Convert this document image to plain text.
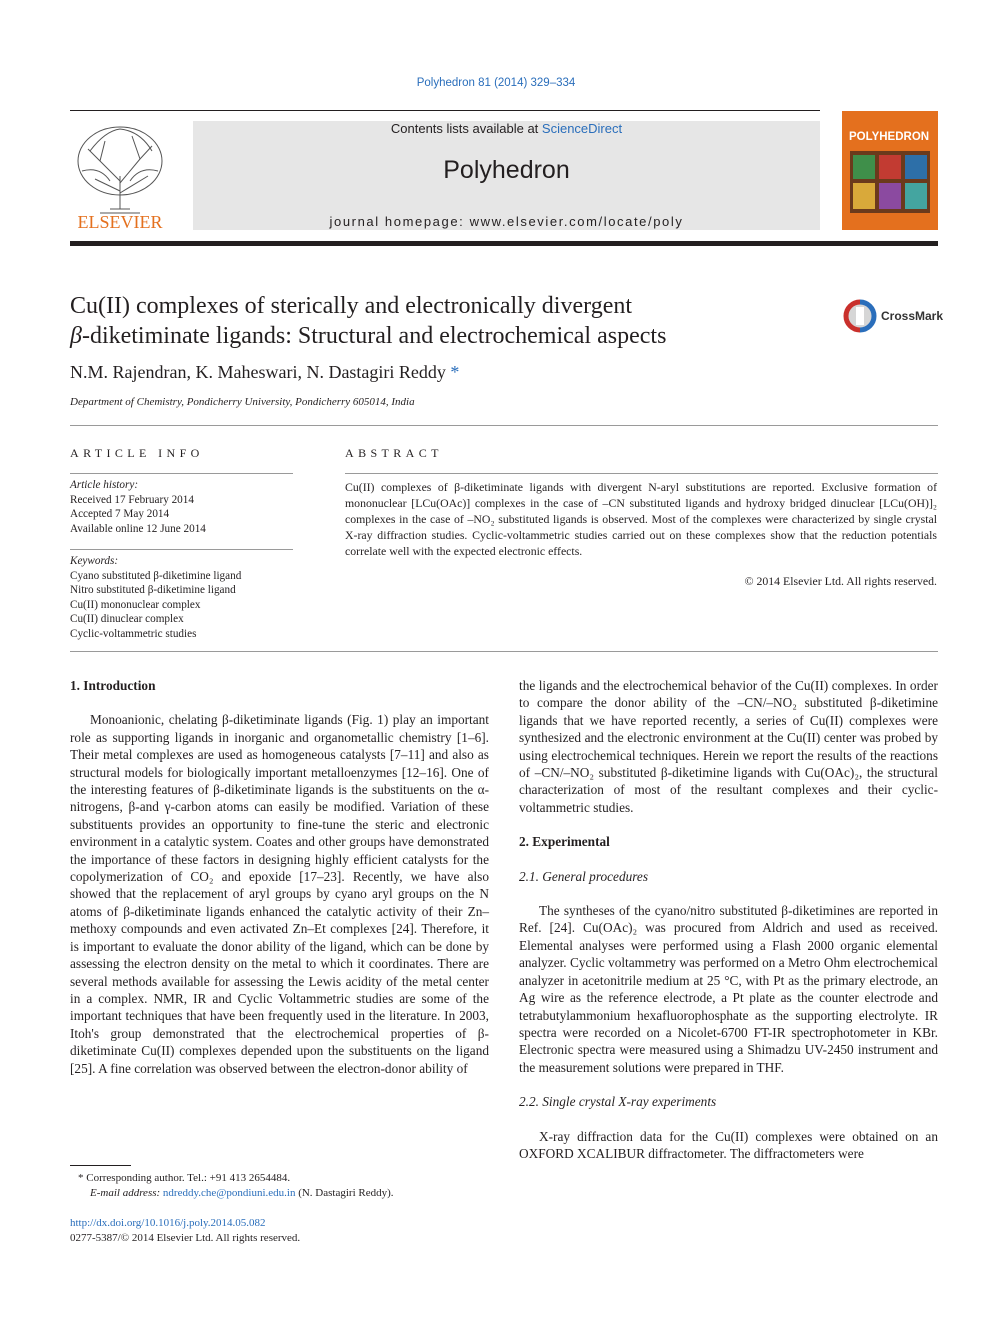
Polyhedron 81 (2014) 329–334
ELSEVIER
Contents lists available at ScienceDirect
Polyhedron
journal homepage: www.elsevier.com/locate/poly
POLYHEDRON
Cu(II) complexes of sterically and electronically divergent
β-diketiminate ligands: Structural and electrochemical aspects
CrossMark
N.M. Rajendran, K. Maheswari, N. Dastagiri Reddy *
Department of Chemistry, Pondicherry University, Pondicherry 605014, India
ARTICLE INFO
Article history:
Received 17 February 2014
Accepted 7 May 2014
Available online 12 June 2014
Keywords:
Cyano substituted β-diketimine ligand
Nitro substituted β-diketimine ligand
Cu(II) mononuclear complex
Cu(II) dinuclear complex
Cyclic-voltammetric studies
ABSTRACT
Cu(II) complexes of β-diketiminate ligands with divergent N-aryl substitutions are reported. Exclusive formation of mononuclear [LCu(OAc)] complexes in the case of –CN substituted ligands and hydroxy bridged dinuclear [LCu(OH)]₂ complexes in the case of –NO₂ substituted ligands is observed. Most of the complexes were characterized by single crystal X-ray diffraction studies. Cyclic-voltammetric studies carried out on these complexes show that the reduction potentials correlate well with the expected electronic effects.
© 2014 Elsevier Ltd. All rights reserved.
1. Introduction

Monoanionic, chelating β-diketiminate ligands (Fig. 1) play an important role as supporting ligands in inorganic and organometallic chemistry [1–6]. Their metal complexes are used as homogeneous catalysts [7–11] and also as structural models for biologically important metalloenzymes [12–16]. One of the interesting features of β-diketiminate ligands is the substituents on the α-nitrogens, β-and γ-carbon atoms can easily be modified. Variation of these substituents provides an opportunity to fine-tune the steric and electronic environment in a catalytic system. Coates and other groups have demonstrated the importance of these factors in designing highly efficient catalysts for the copolymerization of CO₂ and epoxide [17–23]. Recently, we have also showed that the replacement of aryl groups by cyano aryl groups on the N atoms of β-diketiminate ligands enhanced the catalytic activity of their Zn–methoxy compounds and even activated Zn–Et complexes [24]. Therefore, it is important to evaluate the donor ability of the ligand, which can be done by assessing the electron density on the metal to which it coordinates. There are several methods available for assessing the Lewis acidity of the metal center in a complex. NMR, IR and Cyclic Voltammetric studies are some of the important techniques that have been frequently used in the literature. In 2003, Itoh's group demonstrated that the electrochemical properties of β-diketiminate Cu(II) complexes depended upon the substituents on the ligand [25]. A fine correlation was observed between the electron-donor ability of

* Corresponding author. Tel.: +91 413 2654484.
E-mail address: ndreddy.che@pondiuni.edu.in (N. Dastagiri Reddy).
http://dx.doi.org/10.1016/j.poly.2014.05.082
0277-5387/© 2014 Elsevier Ltd. All rights reserved.

the ligands and the electrochemical behavior of the Cu(II) complexes. In order to compare the donor ability of the –CN/–NO₂ substituted β-diketimine ligands that we have reported recently, a series of Cu(II) complexes were synthesized and the electronic environment at the Cu(II) center was probed by using electrochemical techniques. Herein we report the results of the reactions of –CN/–NO₂ substituted β-diketimine ligands with Cu(OAc)₂, the structural characterization of most of the resultant complexes and their cyclic-voltammetric studies.

2. Experimental
2.1. General procedures

The syntheses of the cyano/nitro substituted β-diketimines are reported in Ref. [24]. Cu(OAc)₂ was procured from Aldrich and used as received. Elemental analyses were performed using a Flash 2000 organic elemental analyzer. Cyclic voltammetry was performed on a Metro Ohm electrochemical analyzer in acetonitrile medium at 25 °C, with Pt as the primary electrode, an Ag wire as the reference electrode, a Pt plate as the counter electrode and tetrabutylammonium hexafluorophosphate as the supporting electrolyte. IR spectra were recorded on a Nicolet-6700 FT-IR spectrophotometer in KBr. Electronic spectra were measured using a Shimadzu UV-2450 instrument and the measurement solutions were prepared in THF.

2.2. Single crystal X-ray experiments

X-ray diffraction data for the Cu(II) complexes were obtained on an OXFORD XCALIBUR diffractometer. The diffractometers were
